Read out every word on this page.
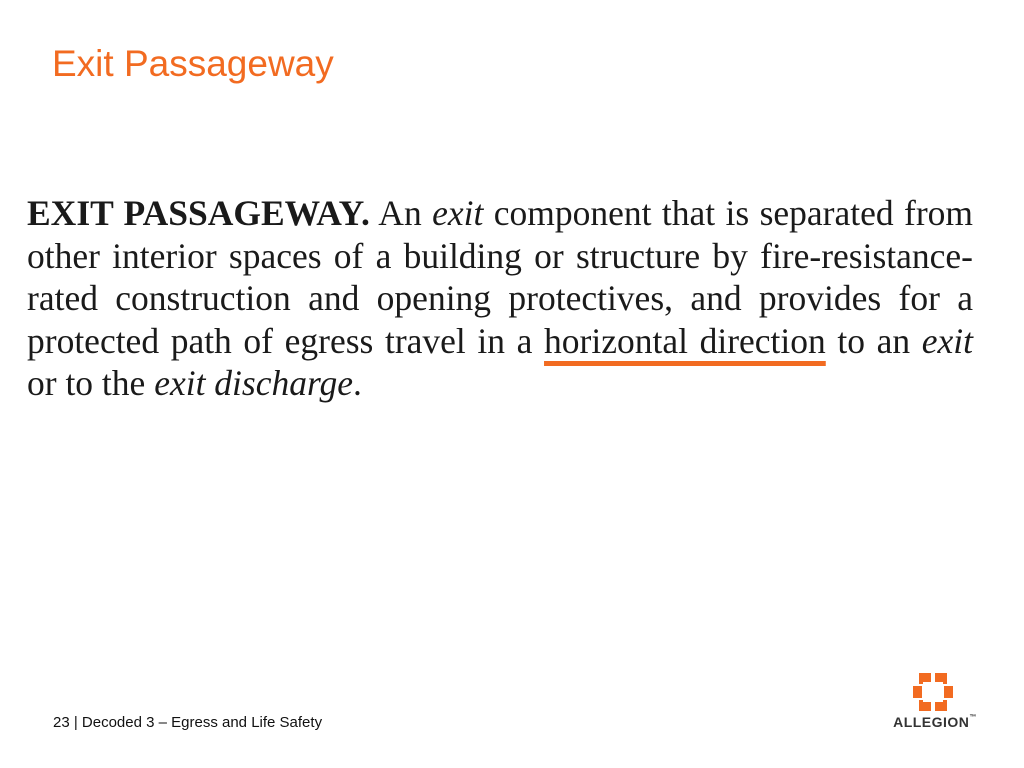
Exit Passageway

EXIT PASSAGEWAY. An exit component that is separated from other interior spaces of a building or structure by fire-resistance-rated construction and opening protectives, and provides for a protected path of egress travel in a horizontal direction to an exit or to the exit discharge.

23 | Decoded 3 – Egress and Life Safety	ALLEGION™
